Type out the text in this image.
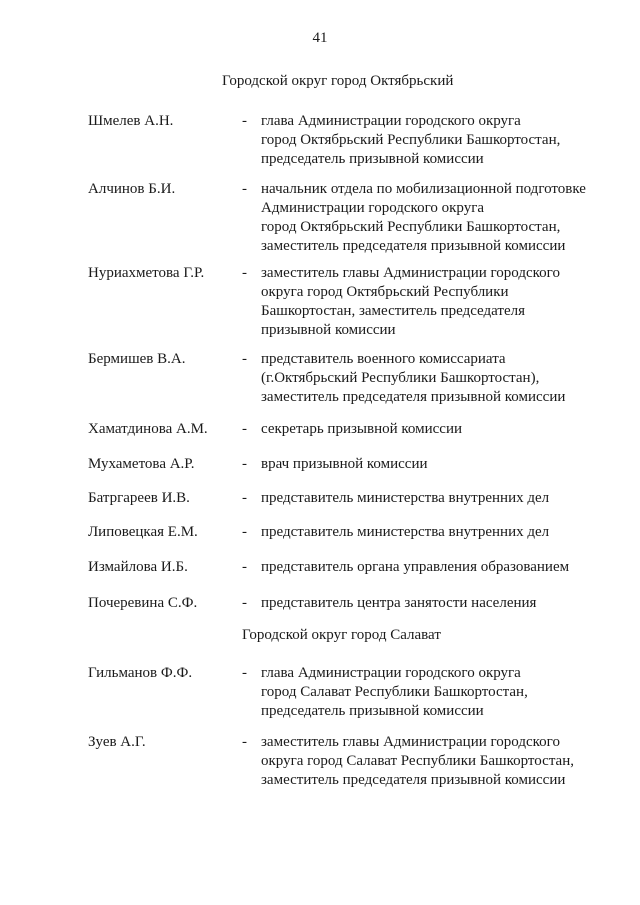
41
Городской округ город Октябрьский
Шмелев А.Н.	- глава Администрации городского округа
город Октябрьский Республики Башкортостан,
председатель призывной комиссии
Алчинов Б.И.	- начальник отдела по мобилизационной подготовке
Администрации городского округа
город Октябрьский Республики Башкортостан,
заместитель председателя призывной комиссии
Нуриахметова Г.Р.	- заместитель главы Администрации городского
округа город Октябрьский Республики
Башкортостан, заместитель председателя
призывной комиссии
Бермишев В.А.	- представитель военного комиссариата
(г.Октябрьский Республики Башкортостан),
заместитель председателя призывной комиссии
Хаматдинова А.М. - секретарь призывной комиссии
Мухаметова А.Р.	- врач призывной комиссии
Батргареев И.В.	- представитель министерства внутренних дел
Липовецкая Е.М.	- представитель министерства внутренних дел
Измайлова И.Б.	- представитель органа управления образованием
Почеревина С.Ф.	- представитель центра занятости населения
Городской округ город Салават
Гильманов Ф.Ф.	- глава Администрации городского округа
город Салават Республики Башкортостан,
председатель призывной комиссии
Зуев А.Г.	- заместитель главы Администрации городского
округа город Салават Республики Башкортостан,
заместитель председателя призывной комиссии
